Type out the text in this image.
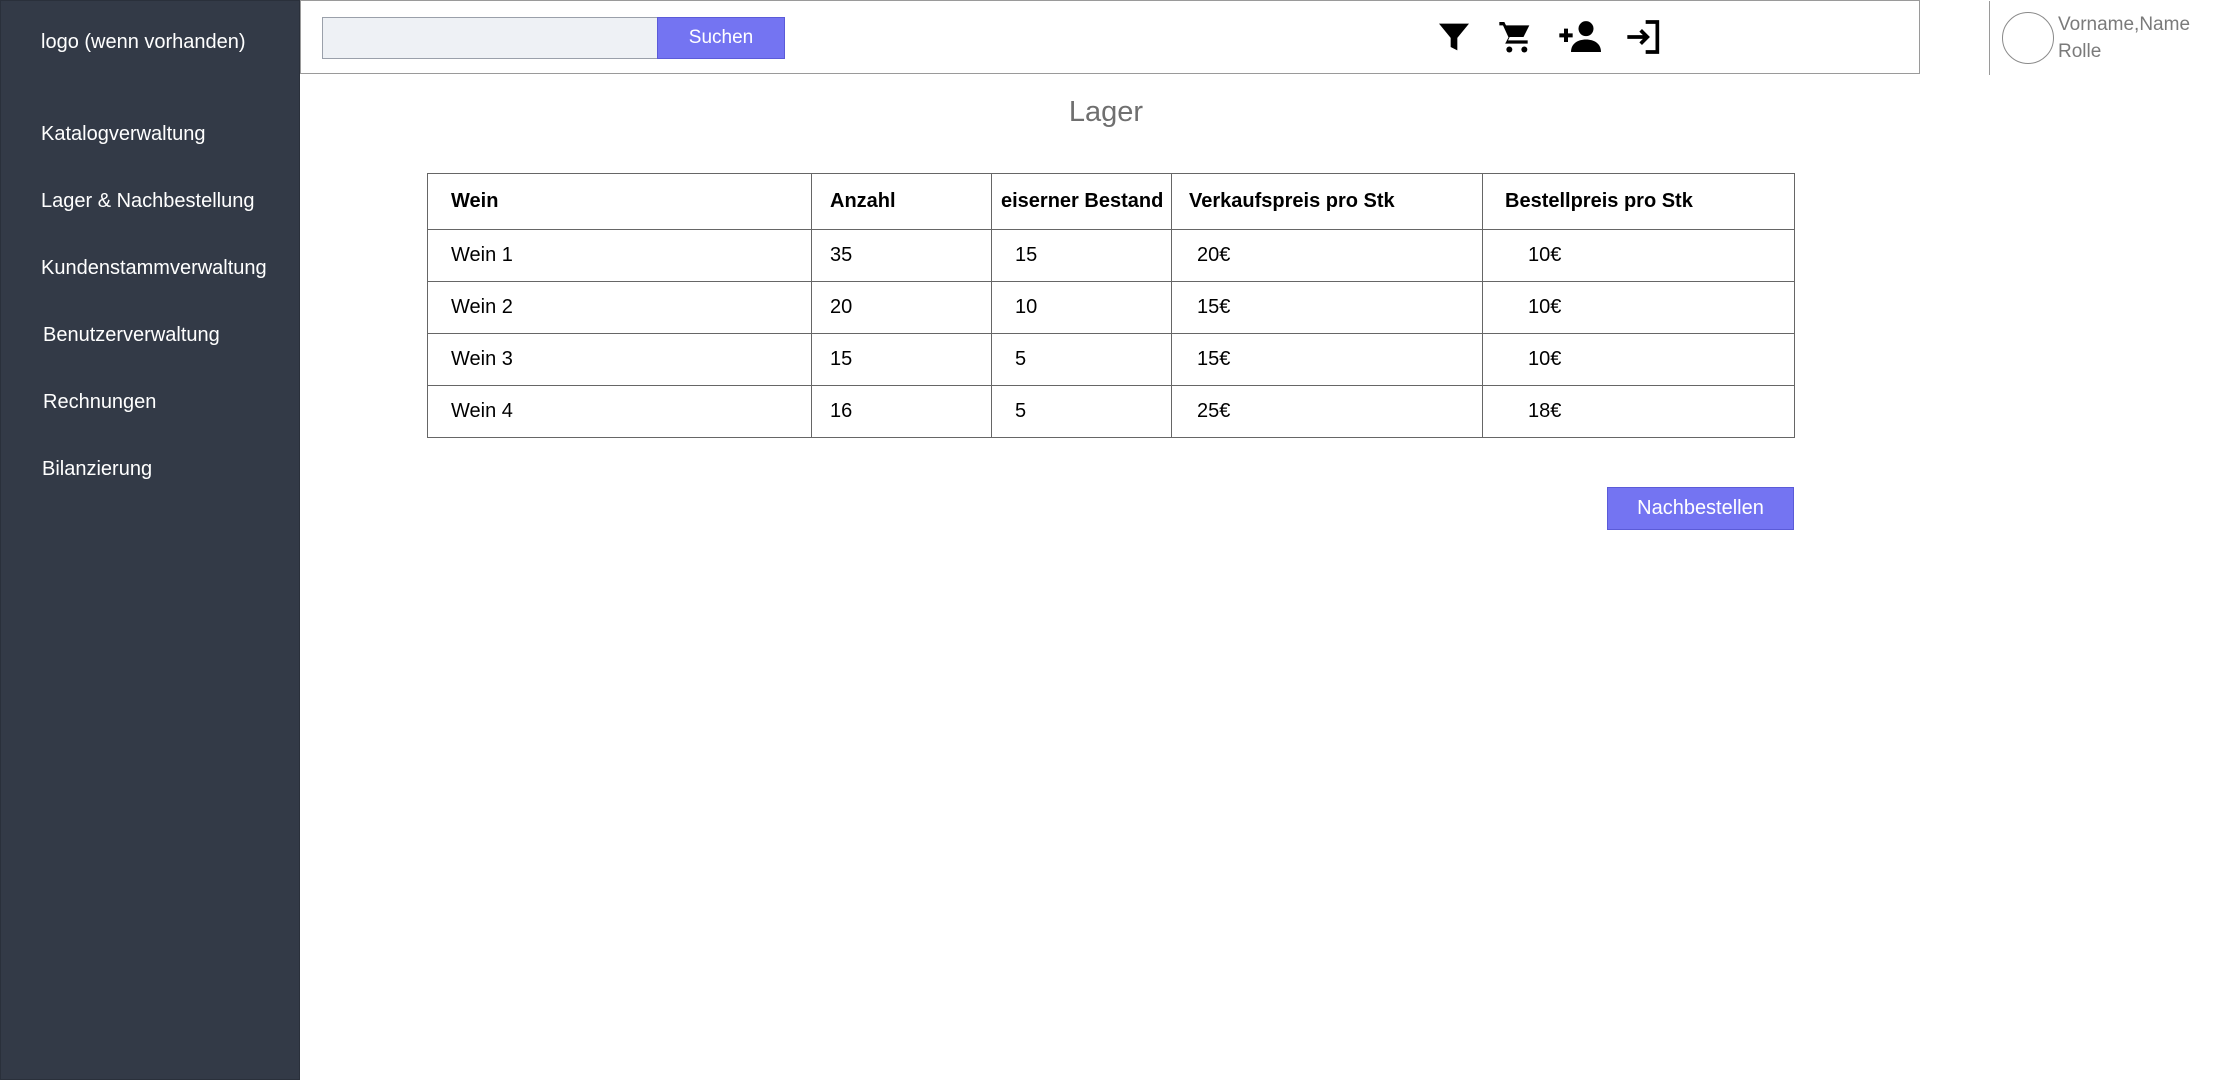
logo (wenn vorhanden)
Katalogverwaltung
Lager & Nachbestellung
Kundenstammverwaltung
Benutzerverwaltung
Rechnungen
Bilanzierung
Suchen
Vorname,Name
Rolle
Lager
Wein	Anzahl	eiserner Bestand	Verkaufspreis pro Stk	Bestellpreis pro Stk
Wein 1	35	15	20€	10€
Wein 2	20	10	15€	10€
Wein 3	15	5	15€	10€
Wein 4	16	5	25€	18€
Nachbestellen
